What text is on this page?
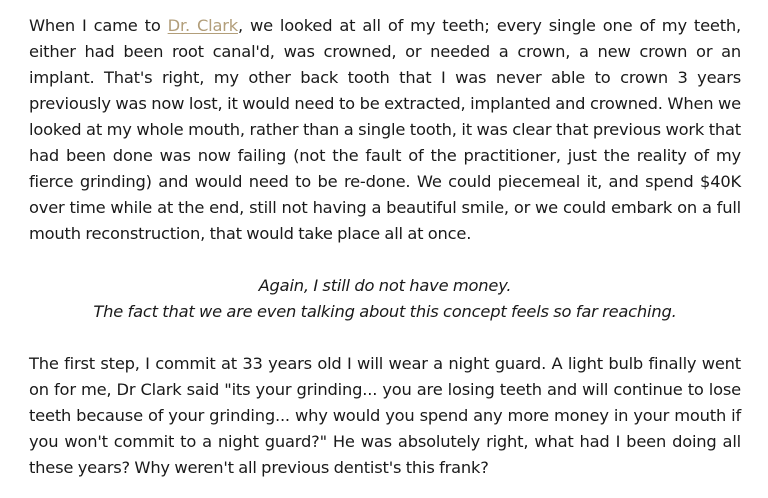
When I came to Dr. Clark, we looked at all of my teeth; every single one of my teeth, either had been root canal'd, was crowned, or needed a crown, a new crown or an implant. That's right, my other back tooth that I was never able to crown 3 years previously was now lost, it would need to be extracted, implanted and crowned. When we looked at my whole mouth, rather than a single tooth, it was clear that previous work that had been done was now failing (not the fault of the practitioner, just the reality of my fierce grinding) and would need to be re-done. We could piecemeal it, and spend $40K over time while at the end, still not having a beautiful smile, or we could embark on a full mouth reconstruction, that would take place all at once.

Again, I still do not have money.
The fact that we are even talking about this concept feels so far reaching.

The first step, I commit at 33 years old I will wear a night guard. A light bulb finally went on for me, Dr Clark said "its your grinding... you are losing teeth and will continue to lose teeth because of your grinding... why would you spend any more money in your mouth if you won't commit to a night guard?" He was absolutely right, what had I been doing all these years? Why weren't all previous dentist's this frank?
